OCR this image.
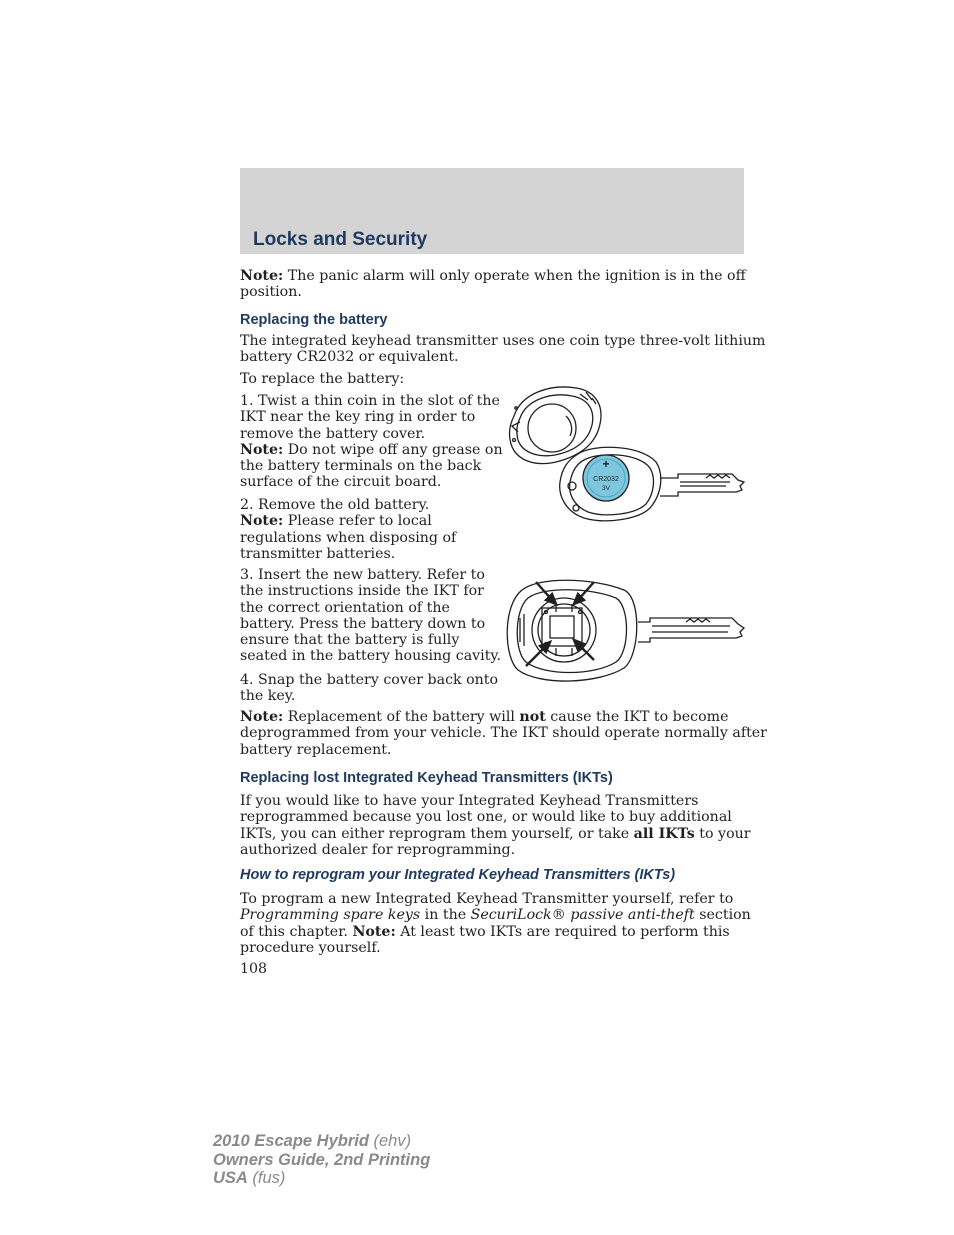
Locks and Security

Note: The panic alarm will only operate when the ignition is in the off
position.

Replacing the battery

The integrated keyhead transmitter uses one coin type three-volt lithium
battery CR2032 or equivalent.

To replace the battery:

1. Twist a thin coin in the slot of the
IKT near the key ring in order to
remove the battery cover.
Note: Do not wipe off any grease on
the battery terminals on the back
surface of the circuit board.

2. Remove the old battery.
Note: Please refer to local
regulations when disposing of
transmitter batteries.

3. Insert the new battery. Refer to
the instructions inside the IKT for
the correct orientation of the
battery. Press the battery down to
ensure that the battery is fully
seated in the battery housing cavity.

4. Snap the battery cover back onto
the key.

Note: Replacement of the battery will not cause the IKT to become
deprogrammed from your vehicle. The IKT should operate normally after
battery replacement.

Replacing lost Integrated Keyhead Transmitters (IKTs)

If you would like to have your Integrated Keyhead Transmitters
reprogrammed because you lost one, or would like to buy additional
IKTs, you can either reprogram them yourself, or take all IKTs to your
authorized dealer for reprogramming.

How to reprogram your Integrated Keyhead Transmitters (IKTs)

To program a new Integrated Keyhead Transmitter yourself, refer to
Programming spare keys in the SecuriLock® passive anti-theft section
of this chapter. Note: At least two IKTs are required to perform this
procedure yourself.

108
+
CR2032
3V
2010 Escape Hybrid (ehv)
Owners Guide, 2nd Printing
USA (fus)
